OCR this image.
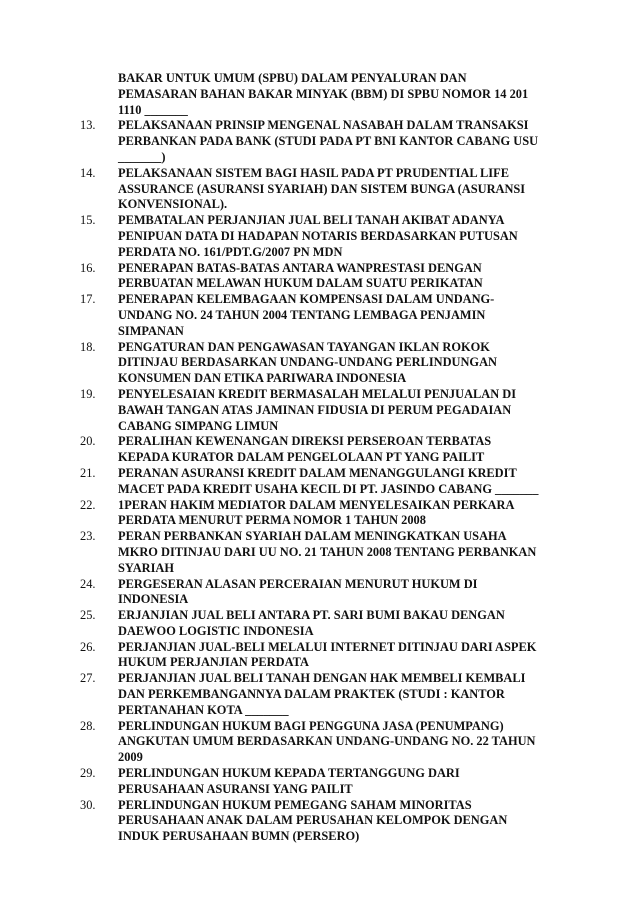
BAKAR UNTUK UMUM (SPBU) DALAM PENYALURAN DAN
PEMASARAN BAHAN BAKAR MINYAK (BBM) DI SPBU NOMOR 14 201
1110 _______
13.	PELAKSANAAN PRINSIP MENGENAL NASABAH DALAM TRANSAKSI
PERBANKAN PADA BANK (STUDI PADA PT BNI KANTOR CABANG USU
_______)
14.	PELAKSANAAN SISTEM BAGI HASIL PADA PT PRUDENTIAL LIFE
ASSURANCE (ASURANSI SYARIAH) DAN SISTEM BUNGA (ASURANSI
KONVENSIONAL).
15.	PEMBATALAN PERJANJIAN JUAL BELI TANAH AKIBAT ADANYA
PENIPUAN DATA DI HADAPAN NOTARIS BERDASARKAN PUTUSAN
PERDATA NO. 161/PDT.G/2007 PN MDN
16.	PENERAPAN BATAS-BATAS ANTARA WANPRESTASI DENGAN
PERBUATAN MELAWAN HUKUM DALAM SUATU PERIKATAN
17.	PENERAPAN KELEMBAGAAN KOMPENSASI DALAM UNDANG-
UNDANG NO. 24 TAHUN 2004 TENTANG LEMBAGA PENJAMIN
SIMPANAN
18.	PENGATURAN DAN PENGAWASAN TAYANGAN IKLAN ROKOK
DITINJAU BERDASARKAN UNDANG-UNDANG PERLINDUNGAN
KONSUMEN DAN ETIKA PARIWARA INDONESIA
19.	PENYELESAIAN KREDIT BERMASALAH MELALUI PENJUALAN DI
BAWAH TANGAN ATAS JAMINAN FIDUSIA DI PERUM PEGADAIAN
CABANG SIMPANG LIMUN
20.	PERALIHAN KEWENANGAN DIREKSI PERSEROAN TERBATAS
KEPADA KURATOR DALAM PENGELOLAAN PT YANG PAILIT
21.	PERANAN ASURANSI KREDIT DALAM MENANGGULANGI KREDIT
MACET PADA KREDIT USAHA KECIL DI PT. JASINDO CABANG _______
22.	1PERAN HAKIM MEDIATOR DALAM MENYELESAIKAN PERKARA
PERDATA MENURUT PERMA NOMOR 1 TAHUN 2008
23.	PERAN PERBANKAN SYARIAH DALAM MENINGKATKAN USAHA
MKRO DITINJAU DARI UU NO. 21 TAHUN 2008 TENTANG PERBANKAN
SYARIAH
24.	PERGESERAN ALASAN PERCERAIAN MENURUT HUKUM DI
INDONESIA
25.	ERJANJIAN JUAL BELI ANTARA PT. SARI BUMI BAKAU DENGAN
DAEWOO LOGISTIC INDONESIA
26.	PERJANJIAN JUAL-BELI MELALUI INTERNET DITINJAU DARI ASPEK
HUKUM PERJANJIAN PERDATA
27.	PERJANJIAN JUAL BELI TANAH DENGAN HAK MEMBELI KEMBALI
DAN PERKEMBANGANNYA DALAM PRAKTEK (STUDI : KANTOR
PERTANAHAN KOTA _______
28.	PERLINDUNGAN HUKUM BAGI PENGGUNA JASA (PENUMPANG)
ANGKUTAN UMUM BERDASARKAN UNDANG-UNDANG NO. 22 TAHUN
2009
29.	PERLINDUNGAN HUKUM KEPADA TERTANGGUNG DARI
PERUSAHAAN ASURANSI YANG PAILIT
30.	PERLINDUNGAN HUKUM PEMEGANG SAHAM MINORITAS
PERUSAHAAN ANAK DALAM PERUSAHAN KELOMPOK DENGAN
INDUK PERUSAHAAN BUMN (PERSERO)
